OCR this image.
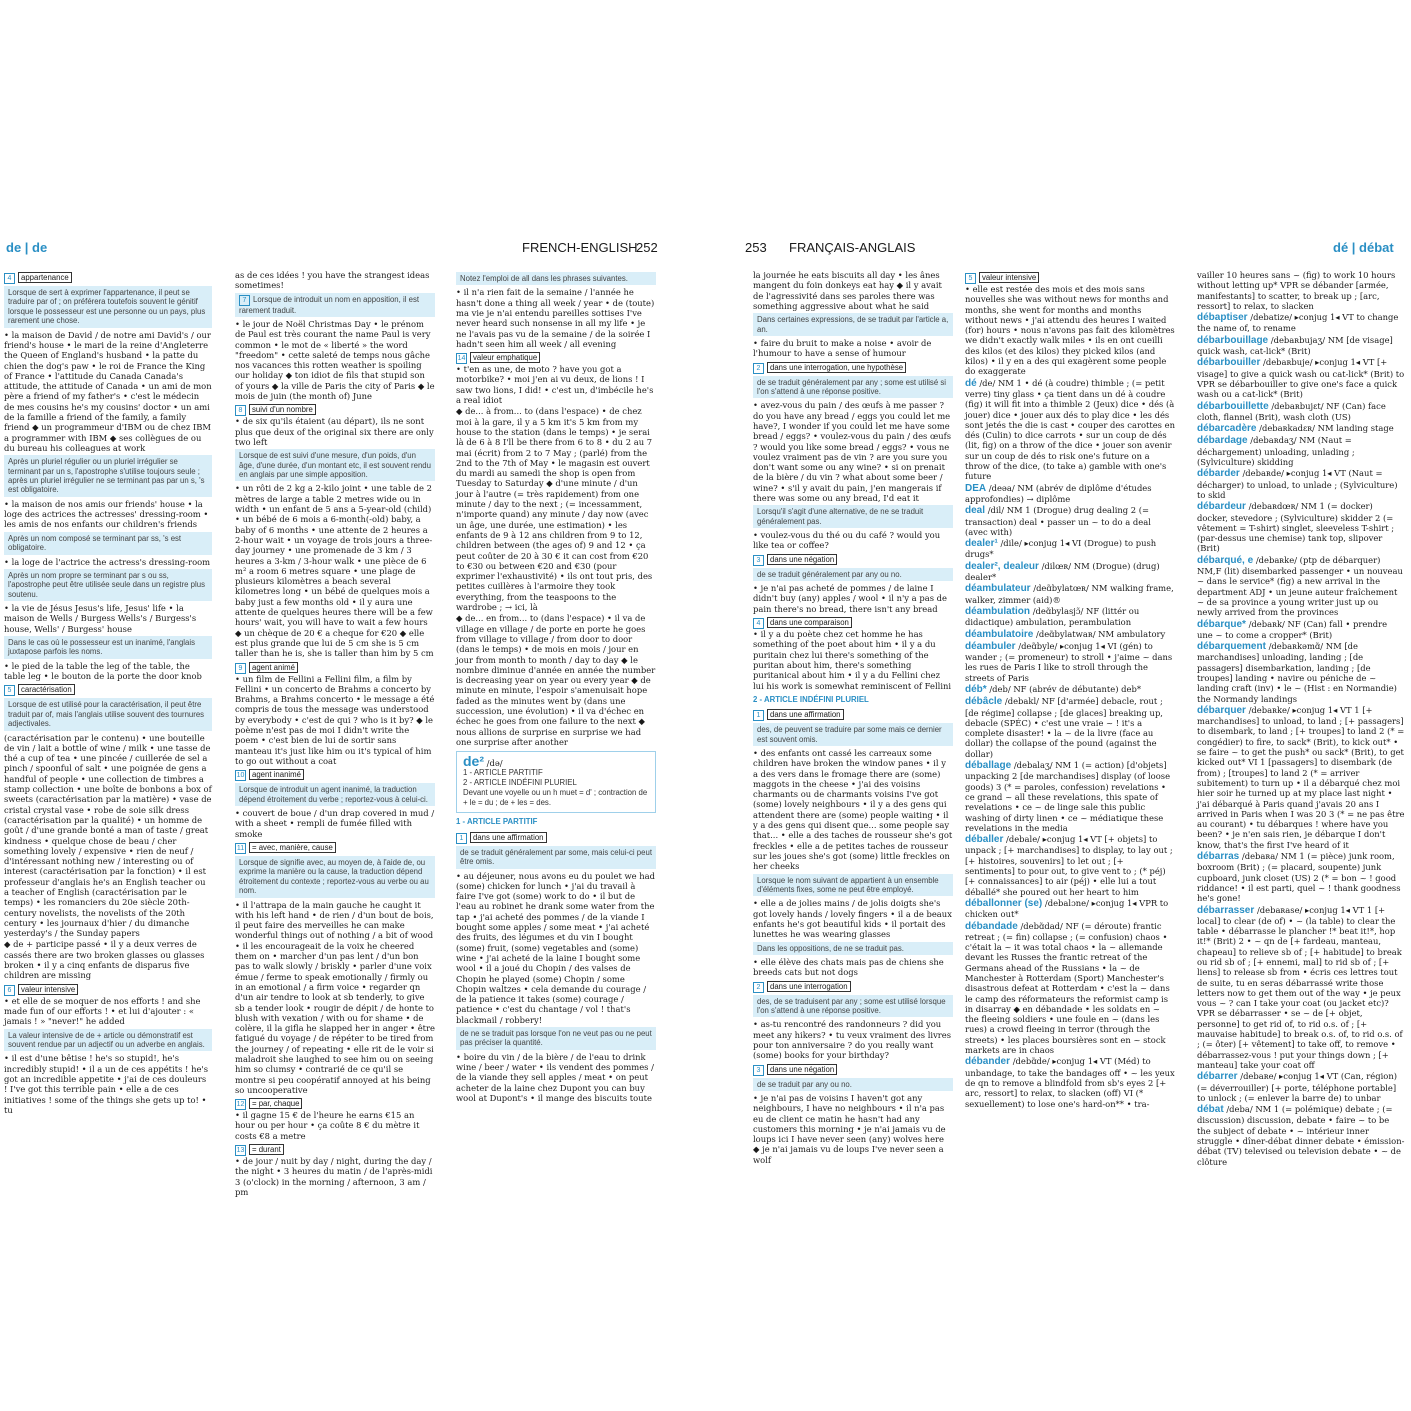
de | de	FRENCH-ENGLISH
252
4 appartenance
Lorsque de sert à exprimer l'appartenance, il peut se traduire par of ; on préférera toutefois souvent le génitif lorsque le possesseur est une personne ou un pays, plus rarement une chose.
• la maison de David / de notre ami David's / our friend's house • le mari de la reine d'Angleterre the Queen of England's husband • la patte du chien the dog's paw • le roi de France the King of France • l'attitude du Canada Canada's attitude, the attitude of Canada • un ami de mon père a friend of my father's • c'est le médecin de mes cousins he's my cousins' doctor • un ami de la famille a friend of the family, a family friend ◆ un programmeur d'IBM ou de chez IBM a programmer with IBM ◆ ses collègues de ou du bureau his colleagues at work
Après un pluriel régulier ou un pluriel irrégulier se terminant par un s, l'apostrophe s'utilise toujours seule ; après un pluriel irrégulier ne se terminant pas par un s, 's est obligatoire.
• la maison de nos amis our friends' house • la loge des actrices the actresses' dressing-room • les amis de nos enfants our children's friends
Après un nom composé se terminant par ss, 's est obligatoire.
• la loge de l'actrice the actress's dressing-room
Après un nom propre se terminant par s ou ss, l'apostrophe peut être utilisée seule dans un registre plus soutenu.
• la vie de Jésus Jesus's life, Jesus' life • la maison de Wells / Burgess Wells's / Burgess's house, Wells' / Burgess' house
Dans le cas où le possesseur est un inanimé, l'anglais juxtapose parfois les noms.
• le pied de la table the leg of the table, the table leg • le bouton de la porte the door knob
5 caractérisation
Lorsque de est utilisé pour la caractérisation, il peut être traduit par of, mais l'anglais utilise souvent des tournures adjectivales.
(caractérisation par le contenu) • une bouteille de vin / lait a bottle of wine / milk • une tasse de thé a cup of tea • une pincée / cuillerée de sel a pinch / spoonful of salt • une poignée de gens a handful of people • une collection de timbres a stamp collection • une boîte de bonbons a box of sweets (caractérisation par la matière) • vase de cristal crystal vase • robe de soie silk dress (caractérisation par la qualité) • un homme de goût / d'une grande bonté a man of taste / great kindness • quelque chose de beau / cher something lovely / expensive • rien de neuf / d'intéressant nothing new / interesting ou of interest (caractérisation par la fonction) • il est professeur d'anglais he's an English teacher ou a teacher of English (caractérisation par le temps) • les romanciers du 20e siècle 20th-century novelists, the novelists of the 20th century • les journaux d'hier / du dimanche yesterday's / the Sunday papers
◆ de + participe passé • il y a deux verres de cassés there are two broken glasses ou glasses broken • il y a cinq enfants de disparus five children are missing
6 valeur intensive
• et elle de se moquer de nos efforts ! and she made fun of our efforts ! • et lui d'ajouter : « jamais ! » "never!" he added
La valeur intensive de de + article ou démonstratif est souvent rendue par un adjectif ou un adverbe en anglais.
• il est d'une bêtise ! he's so stupid!, he's incredibly stupid! • il a un de ces appétits ! he's got an incredible appetite • j'ai de ces douleurs ! I've got this terrible pain • elle a de ces initiatives ! some of the things she gets up to! • tu
as de ces idées ! you have the strangest ideas sometimes!
7 Lorsque de introduit un nom en apposition, il est rarement traduit.
• le jour de Noël Christmas Day • le prénom de Paul est très courant the name Paul is very common • le mot de « liberté » the word "freedom" • cette saleté de temps nous gâche nos vacances this rotten weather is spoiling our holiday ◆ ton idiot de fils that stupid son of yours ◆ la ville de Paris the city of Paris ◆ le mois de juin (the month of) June
8 suivi d'un nombre
• de six qu'ils étaient (au départ), ils ne sont plus que deux of the original six there are only two left
Lorsque de est suivi d'une mesure, d'un poids, d'un âge, d'une durée, d'un montant etc, il est souvent rendu en anglais par une simple apposition.
• un rôti de 2 kg a 2-kilo joint • une table de 2 mètres de large a table 2 metres wide ou in width • un enfant de 5 ans a 5-year-old (child) • un bébé de 6 mois a 6-month(-old) baby, a baby of 6 months • une attente de 2 heures a 2-hour wait • un voyage de trois jours a three-day journey • une promenade de 3 km / 3 heures a 3-km / 3-hour walk • une pièce de 6 m² a room 6 metres square • une plage de plusieurs kilomètres a beach several kilometres long • un bébé de quelques mois a baby just a few months old • il y aura une attente de quelques heures there will be a few hours' wait, you will have to wait a few hours ◆ un chèque de 20 € a cheque for €20 ◆ elle est plus grande que lui de 5 cm she is 5 cm taller than he is, she is taller than him by 5 cm
9 agent animé
• un film de Fellini a Fellini film, a film by Fellini • un concerto de Brahms a concerto by Brahms, a Brahms concerto • le message a été compris de tous the message was understood by everybody • c'est de qui ? who is it by? ◆ le poème n'est pas de moi I didn't write the poem • c'est bien de lui de sortir sans manteau it's just like him ou it's typical of him to go out without a coat
10 agent inanimé
Lorsque de introduit un agent inanimé, la traduction dépend étroitement du verbe ; reportez-vous à celui-ci.
• couvert de boue / d'un drap covered in mud / with a sheet • rempli de fumée filled with smoke
11 = avec, manière, cause
Lorsque de signifie avec, au moyen de, à l'aide de, ou exprime la manière ou la cause, la traduction dépend étroitement du contexte ; reportez-vous au verbe ou au nom.
• il l'attrapa de la main gauche he caught it with his left hand • de rien / d'un bout de bois, il peut faire des merveilles he can make wonderful things out of nothing / a bit of wood • il les encourageait de la voix he cheered them on • marcher d'un pas lent / d'un bon pas to walk slowly / briskly • parler d'une voix émue / ferme to speak emotionally / firmly ou in an emotional / a firm voice • regarder qn d'un air tendre to look at sb tenderly, to give sb a tender look • rougir de dépit / de honte to blush with vexation / with ou for shame • de colère, il la gifla he slapped her in anger • être fatigué du voyage / de répéter to be tired from the journey / of repeating • elle rit de le voir si maladroit she laughed to see him ou on seeing him so clumsy • contrarié de ce qu'il se montre si peu coopératif annoyed at his being so uncooperative
12 = par, chaque
• il gagne 15 € de l'heure he earns €15 an hour ou per hour • ça coûte 8 € du mètre it costs €8 a metre
13 = durant
• de jour / nuit by day / night, during the day / the night • 3 heures du matin / de l'après-midi 3 (o'clock) in the morning / afternoon, 3 am / pm
Notez l'emploi de all dans les phrases suivantes.
• il n'a rien fait de la semaine / l'année he hasn't done a thing all week / year • de (toute) ma vie je n'ai entendu pareilles sottises I've never heard such nonsense in all my life • je ne l'avais pas vu de la semaine / de la soirée I hadn't seen him all week / all evening
14 valeur emphatique
• t'en as une, de moto ? have you got a motorbike? • moi j'en ai vu deux, de lions ! I saw two lions, I did! • c'est un, d'imbécile he's a real idiot
◆ de... à from... to (dans l'espace) • de chez moi à la gare, il y a 5 km it's 5 km from my house to the station (dans le temps) • je serai là de 6 à 8 I'll be there from 6 to 8 • du 2 au 7 mai (écrit) from 2 to 7 May ; (parlé) from the 2nd to the 7th of May • le magasin est ouvert du mardi au samedi the shop is open from Tuesday to Saturday ◆ d'une minute / d'un jour à l'autre (= très rapidement) from one minute / day to the next ; (= incessamment, n'importe quand) any minute / day now (avec un âge, une durée, une estimation) • les enfants de 9 à 12 ans children from 9 to 12, children between (the ages of) 9 and 12 • ça peut coûter de 20 à 30 € it can cost from €20 to €30 ou between €20 and €30 (pour exprimer l'exhaustivité) • ils ont tout pris, des petites cuillères à l'armoire they took everything, from the teaspoons to the wardrobe ; → ici, là
◆ de... en from... to (dans l'espace) • il va de village en village / de porte en porte he goes from village to village / from door to door (dans le temps) • de mois en mois / jour en jour from month to month / day to day ◆ le nombre diminue d'année en année the number is decreasing year on year ou every year ◆ de minute en minute, l'espoir s'amenuisait hope faded as the minutes went by (dans une succession, une évolution) • il va d'échec en échec he goes from one failure to the next ◆ nous allions de surprise en surprise we had one surprise after another
de² /də/
1 - ARTICLE PARTITIF
2 - ARTICLE INDÉFINI PLURIEL
Devant une voyelle ou un h muet = d' ; contraction de + le = du ; de + les = des.
1 - ARTICLE PARTITIF
1 dans une affirmation
de se traduit généralement par some, mais celui-ci peut être omis.
• au déjeuner, nous avons eu du poulet we had (some) chicken for lunch • j'ai du travail à faire I've got (some) work to do • il but de l'eau au robinet he drank some water from the tap • j'ai acheté des pommes / de la viande I bought some apples / some meat • j'ai acheté des fruits, des légumes et du vin I bought (some) fruit, (some) vegetables and (some) wine • j'ai acheté de la laine I bought some wool • il a joué du Chopin / des valses de Chopin he played (some) Chopin / some Chopin waltzes • cela demande du courage / de la patience it takes (some) courage / patience • c'est du chantage / vol ! that's blackmail / robbery!
de ne se traduit pas lorsque l'on ne veut pas ou ne peut pas préciser la quantité.
• boire du vin / de la bière / de l'eau to drink wine / beer / water • ils vendent des pommes / de la viande they sell apples / meat • on peut acheter de la laine chez Dupont you can buy wool at Dupont's • il mange des biscuits toute
253 FRANÇAIS-ANGLAIS	dé | débat
la journée he eats biscuits all day • les ânes mangent du foin donkeys eat hay ◆ il y avait de l'agressivité dans ses paroles there was something aggressive about what he said
Dans certaines expressions, de se traduit par l'article a, an.
• faire du bruit to make a noise • avoir de l'humour to have a sense of humour
2 dans une interrogation, une hypothèse
de se traduit généralement par any ; some est utilisé si l'on s'attend à une réponse positive.
• avez-vous du pain / des œufs à me passer ? do you have any bread / eggs you could let me have?, I wonder if you could let me have some bread / eggs? • voulez-vous du pain / des œufs ? would you like some bread / eggs? • vous ne voulez vraiment pas de vin ? are you sure you don't want some ou any wine? • si on prenait de la bière / du vin ? what about some beer / wine? • s'il y avait du pain, j'en mangerais if there was some ou any bread, I'd eat it
Lorsqu'il s'agit d'une alternative, de ne se traduit généralement pas.
• voulez-vous du thé ou du café ? would you like tea or coffee?
3 dans une négation
de se traduit généralement par any ou no.
• je n'ai pas acheté de pommes / de laine I didn't buy (any) apples / wool • il n'y a pas de pain there's no bread, there isn't any bread
4 dans une comparaison
• il y a du poète chez cet homme he has something of the poet about him • il y a du puritain chez lui there's something of the puritan about him, there's something puritanical about him • il y a du Fellini chez lui his work is somewhat reminiscent of Fellini
2 - ARTICLE INDÉFINI PLURIEL
1 dans une affirmation
des, de peuvent se traduire par some mais ce dernier est souvent omis.
• des enfants ont cassé les carreaux some children have broken the window panes • il y a des vers dans le fromage there are (some) maggots in the cheese • j'ai des voisins charmants ou de charmants voisins I've got (some) lovely neighbours • il y a des gens qui attendent there are (some) people waiting • il y a des gens qui disent que... some people say that... • elle a des taches de rousseur she's got freckles • elle a de petites taches de rousseur sur les joues she's got (some) little freckles on her cheeks
Lorsque le nom suivant de appartient à un ensemble d'éléments fixes, some ne peut être employé.
• elle a de jolies mains / de jolis doigts she's got lovely hands / lovely fingers • il a de beaux enfants he's got beautiful kids • il portait des lunettes he was wearing glasses
Dans les oppositions, de ne se traduit pas.
• elle élève des chats mais pas de chiens she breeds cats but not dogs
2 dans une interrogation
des, de se traduisent par any ; some est utilisé lorsque l'on s'attend à une réponse positive.
• as-tu rencontré des randonneurs ? did you meet any hikers? • tu veux vraiment des livres pour ton anniversaire ? do you really want (some) books for your birthday?
3 dans une négation
de se traduit par any ou no.
• je n'ai pas de voisins I haven't got any neighbours, I have no neighbours • il n'a pas eu de client ce matin he hasn't had any customers this morning • je n'ai jamais vu de loups ici I have never seen (any) wolves here ◆ je n'ai jamais vu de loups I've never seen a wolf
5 valeur intensive
• elle est restée des mois et des mois sans nouvelles she was without news for months and months, she went for months and months without news • j'ai attendu des heures I waited (for) hours • nous n'avons pas fait des kilomètres we didn't exactly walk miles • ils en ont cueilli des kilos (et des kilos) they picked kilos (and kilos) • il y en a des qui exagèrent some people do exaggerate
dé /de/ NM 1 • dé (à coudre) thimble ; (= petit verre) tiny glass • ça tient dans un dé à coudre (fig) it will fit into a thimble 2 (Jeux) dice • dés (à jouer) dice • jouer aux dés to play dice • les dés sont jetés the die is cast • couper des carottes en dés (Culin) to dice carrots • sur un coup de dés (lit, fig) on a throw of the dice • jouer son avenir sur un coup de dés to risk one's future on a throw of the dice, (to take a) gamble with one's future
DEA /deəa/ NM (abrév de diplôme d'études approfondies) → diplôme
deal /dil/ NM 1 (Drogue) drug dealing 2 (= transaction) deal • passer un ~ to do a deal (avec with)
dealer¹ /dile/ ▸conjug 1◂ VI (Drogue) to push drugs*
dealer², dealeur /dilœʀ/ NM (Drogue) (drug) dealer*
déambulateur /deɑ̃bylatœʀ/ NM walking frame, walker, zimmer (aid)®
déambulation /deɑ̃bylasjɔ̃/ NF (littér ou didactique) ambulation, perambulation
déambulatoire /deɑ̃bylatwaʀ/ NM ambulatory
déambuler /deɑ̃byle/ ▸conjug 1◂ VI (gén) to wander ; (= promeneur) to stroll • j'aime ~ dans les rues de Paris I like to stroll through the streets of Paris
déb* /deb/ NF (abrév de débutante) deb*
débâcle /debakl/ NF [d'armée] debacle, rout ; [de régime] collapse ; [de glaces] breaking up, debacle (SPÉC) • c'est une vraie ~ ! it's a complete disaster! • la ~ de la livre (face au dollar) the collapse of the pound (against the dollar)
déballage /debalaʒ/ NM 1 (= action) [d'objets] unpacking 2 [de marchandises] display (of loose goods) 3 (* = paroles, confession) revelations • ce grand ~ all these revelations, this spate of revelations • ce ~ de linge sale this public washing of dirty linen • ce ~ médiatique these revelations in the media
déballer /debale/ ▸conjug 1◂ VT [+ objets] to unpack ; [+ marchandises] to display, to lay out ; [+ histoires, souvenirs] to let out ; [+ sentiments] to pour out, to give vent to ; (* péj) [+ connaissances] to air (péj) • elle lui a tout déballé* she poured out her heart to him
déballonner (se) /debalɔne/ ▸conjug 1◂ VPR to chicken out*
débandade /debɑ̃dad/ NF (= déroute) frantic retreat ; (= fin) collapse ; (= confusion) chaos • c'était la ~ it was total chaos • la ~ allemande devant les Russes the frantic retreat of the Germans ahead of the Russians • la ~ de Manchester à Rotterdam (Sport) Manchester's disastrous defeat at Rotterdam • c'est la ~ dans le camp des réformateurs the reformist camp is in disarray ◆ en débandade • les soldats en ~ the fleeing soldiers • une foule en ~ (dans les rues) a crowd fleeing in terror (through the streets) • les places boursières sont en ~ stock markets are in chaos
débander /debɑ̃de/ ▸conjug 1◂ VT (Méd) to unbandage, to take the bandages off • ~ les yeux de qn to remove a blindfold from sb's eyes 2 [+ arc, ressort] to relax, to slacken (off) VI (* sexuellement) to lose one's hard-on** • tra-
vailler 10 heures sans ~ (fig) to work 10 hours without letting up* VPR se débander [armée, manifestants] to scatter, to break up ; [arc, ressort] to relax, to slacken
débaptiser /debatize/ ▸conjug 1◂ VT to change the name of, to rename
débarbouillage /debaʀbujaʒ/ NM [de visage] quick wash, cat-lick* (Brit)
débarbouiller /debaʀbuje/ ▸conjug 1◂ VT [+ visage] to give a quick wash ou cat-lick* (Brit) to VPR se débarbouiller to give one's face a quick wash ou a cat-lick* (Brit)
débarbouillette /debaʀbujɛt/ NF (Can) face cloth, flannel (Brit), wash cloth (US)
débarcadère /debaʀkadɛʀ/ NM landing stage
débardage /debaʀdaʒ/ NM (Naut = déchargement) unloading, unlading ; (Sylviculture) skidding
débarder /debaʀde/ ▸conjug 1◂ VT (Naut = décharger) to unload, to unlade ; (Sylviculture) to skid
débardeur /debaʀdœʀ/ NM 1 (= docker) docker, stevedore ; (Sylviculture) skidder 2 (= vêtement = T-shirt) singlet, sleeveless T-shirt ; (par-dessus une chemise) tank top, slipover (Brit)
débarqué, e /debaʀke/ (ptp de débarquer) NM,F (lit) disembarked passenger • un nouveau ~ dans le service* (fig) a new arrival in the department ADJ • un jeune auteur fraîchement ~ de sa province a young writer just up ou newly arrived from the provinces
débarque* /debaʀk/ NF (Can) fall • prendre une ~ to come a cropper* (Brit)
débarquement /debaʀkəmɑ̃/ NM [de marchandises] unloading, landing ; [de passagers] disembarkation, landing ; [de troupes] landing • navire ou péniche de ~ landing craft (inv) • le ~ (Hist : en Normandie) the Normandy landings
débarquer /debaʀke/ ▸conjug 1◂ VT 1 [+ marchandises] to unload, to land ; [+ passagers] to disembark, to land ; [+ troupes] to land 2 (* = congédier) to fire, to sack* (Brit), to kick out* • se faire ~ to get the push* ou sack* (Brit), to get kicked out* VI 1 [passagers] to disembark (de from) ; [troupes] to land 2 (* = arriver subitement) to turn up • il a débarqué chez moi hier soir he turned up at my place last night • j'ai débarqué à Paris quand j'avais 20 ans I arrived in Paris when I was 20 3 (* = ne pas être au courant) • tu débarques ! where have you been? • je n'en sais rien, je débarque I don't know, that's the first I've heard of it
débarras /debaʀa/ NM 1 (= pièce) junk room, boxroom (Brit) ; (= placard, soupente) junk cupboard, junk closet (US) 2 (* = bon ~ ! good riddance! • il est parti, quel ~ ! thank goodness he's gone!
débarrasser /debaʀase/ ▸conjug 1◂ VT 1 [+ local] to clear (de of) • ~ (la table) to clear the table • débarrasse le plancher !* beat it!*, hop it!* (Brit) 2 • ~ qn de [+ fardeau, manteau, chapeau] to relieve sb of ; [+ habitude] to break ou rid sb of ; [+ ennemi, mal] to rid sb of ; [+ liens] to release sb from • écris ces lettres tout de suite, tu en seras débarrassé write those letters now to get them out of the way • je peux vous ~ ? can I take your coat (ou jacket etc)? VPR se débarrasser • se ~ de [+ objet, personne] to get rid of, to rid o.s. of ; [+ mauvaise habitude] to break o.s. of, to rid o.s. of ; (= ôter) [+ vêtement] to take off, to remove • débarrassez-vous ! put your things down ; [+ manteau] take your coat off
débarrer /debaʀe/ ▸conjug 1◂ VT (Can, région) (= déverrouiller) [+ porte, téléphone portable] to unlock ; (= enlever la barre de) to unbar
débat /deba/ NM 1 (= polémique) debate ; (= discussion) discussion, debate • faire ~ to be the subject of debate • ~ intérieur inner struggle • dîner-débat dinner debate • émission-débat (TV) televised ou television debate • ~ de clôture
